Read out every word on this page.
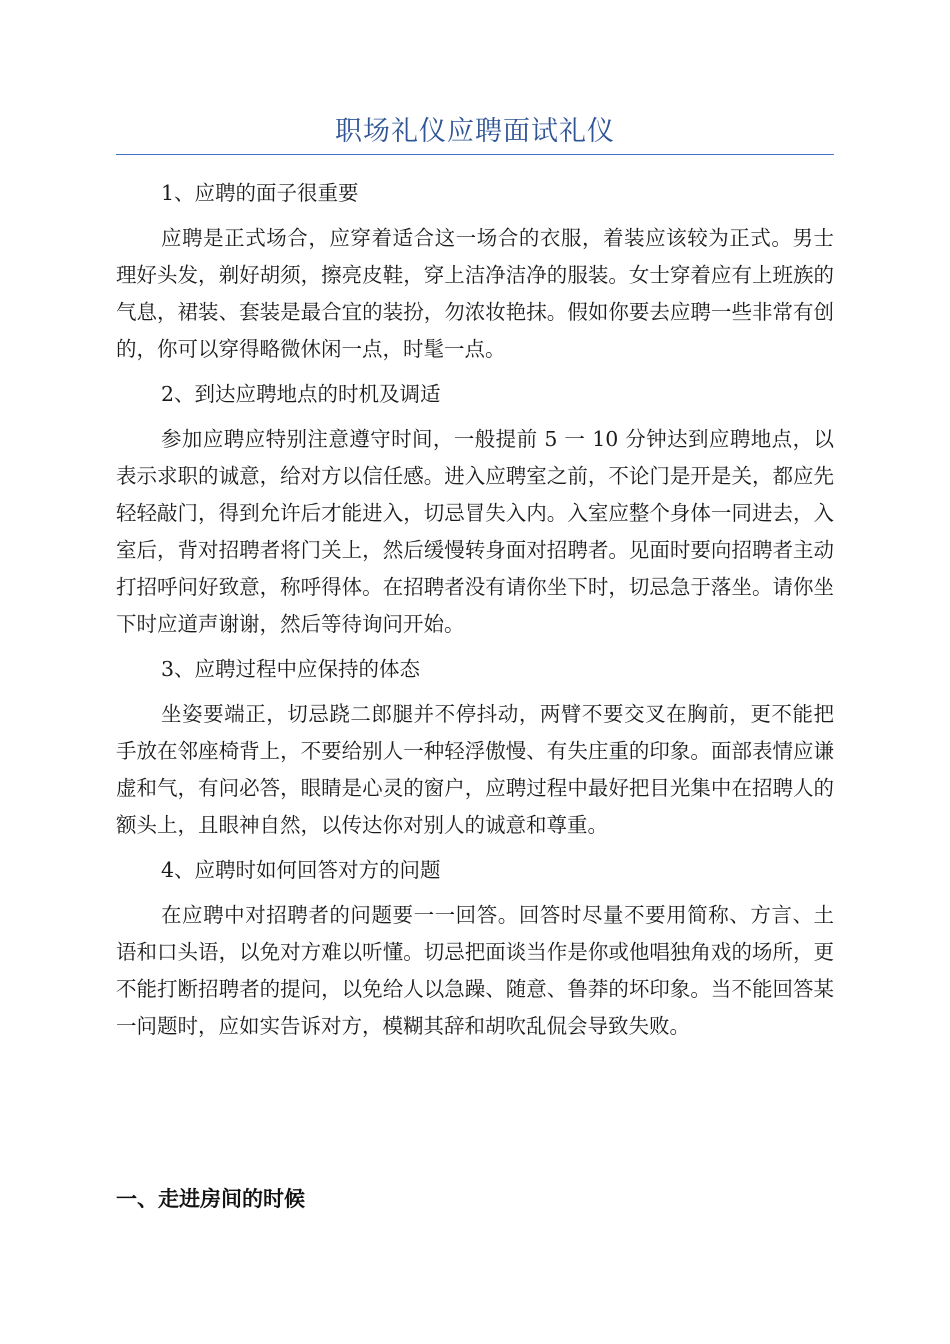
职场礼仪应聘面试礼仪

1、应聘的面子很重要

应聘是正式场合，应穿着适合这一场合的衣服，着装应该较为正式。男士理好头发，剃好胡须，擦亮皮鞋，穿上洁净洁净的服装。女士穿着应有上班族的气息，裙装、套装是最合宜的装扮，勿浓妆艳抹。假如你要去应聘一些非常有创的，你可以穿得略微休闲一点，时髦一点。

2、到达应聘地点的时机及调适

参加应聘应特别注意遵守时间，一般提前 5 一 10 分钟达到应聘地点，以表示求职的诚意，给对方以信任感。进入应聘室之前，不论门是开是关，都应先轻轻敲门，得到允许后才能进入，切忌冒失入内。入室应整个身体一同进去，入室后，背对招聘者将门关上，然后缓慢转身面对招聘者。见面时要向招聘者主动打招呼问好致意，称呼得体。在招聘者没有请你坐下时，切忌急于落坐。请你坐下时应道声谢谢，然后等待询问开始。

3、应聘过程中应保持的体态

坐姿要端正，切忌跷二郎腿并不停抖动，两臂不要交叉在胸前，更不能把手放在邻座椅背上，不要给别人一种轻浮傲慢、有失庄重的印象。面部表情应谦虚和气，有问必答，眼睛是心灵的窗户，应聘过程中最好把目光集中在招聘人的额头上，且眼神自然，以传达你对别人的诚意和尊重。

4、应聘时如何回答对方的问题

在应聘中对招聘者的问题要一一回答。回答时尽量不要用简称、方言、土语和口头语，以免对方难以听懂。切忌把面谈当作是你或他唱独角戏的场所，更不能打断招聘者的提问，以免给人以急躁、随意、鲁莽的坏印象。当不能回答某一问题时，应如实告诉对方，模糊其辞和胡吹乱侃会导致失败。

一、走进房间的时候
